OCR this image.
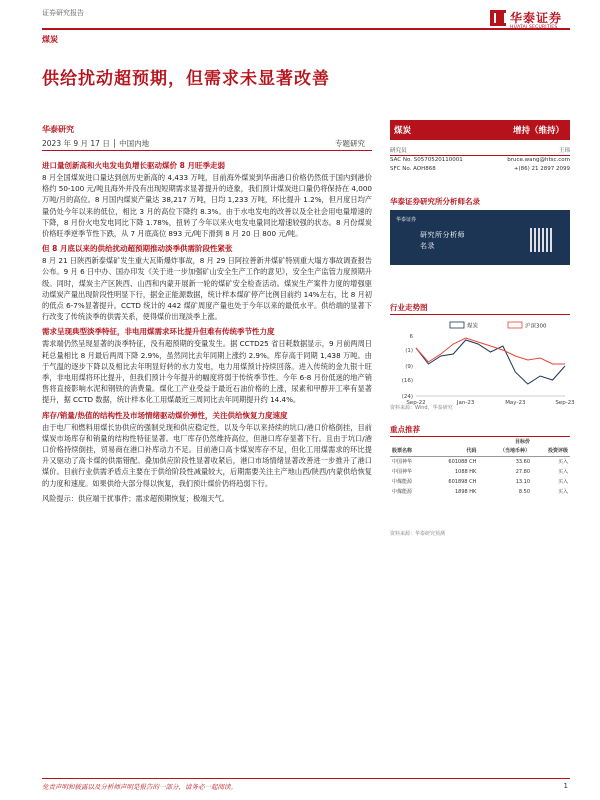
证券研究报告	华泰证券
煤炭
供给扰动超预期，但需求未显著改善
华泰研究
2023 年 9 月 17 日 │ 中国内地	专题研究
进口量创新高和火电发电负增长驱动煤价 8 月旺季走弱
8 月全国煤炭进口量达到创历史新高的 4,433 万吨，目前海外煤炭到华南港口价格仍然低于国内到港价格约 50-100 元/吨且海外并没有出现短期需求显著提升的迹象，我们预计煤炭进口量仍将保持在 4,000 万吨/月的高位。8 月国内煤炭产量达 38,217 万吨，日均 1,233 万吨，环比提升 1.2%，但月度日均产量仍处今年以来的低位，相比 3 月的高位下降约 8.3%。由于水电发电的改善以及全社会用电量增速的下降，8 月份火电发电同比下降 1.78%，扭转了今年以来火电发电量同比增速较强的状态。8 月份煤炭价格旺季逆季节性下跌，从 7 月底高位 893 元/吨下滑到 8 月 20 日 800 元/吨。
但 8 月底以来的供给扰动超预期推动淡季供需阶段性紧张
8 月 21 日陕西新泰煤矿发生重大瓦斯爆炸事故，8 月 29 日阿拉善新井煤矿特别重大塌方事故调查报告公布。9 月 6 日中办、国办印发《关于进一步加强矿山安全生产工作的意见》，安全生产监管力度预期升级。同时，煤炭主产区陕西、山西和内蒙开展新一轮的煤矿安全检查活动。煤炭生产案件力度的增强驱动煤炭产量出现阶段性明显下行，据金正能源数据，统计样本煤矿停产比例目前约 14%左右，比 8 月初的低点 6-7%显著提升。CCTD 统计的 442 煤矿周度产量也处于今年以来的最低水平。供给端的显著下行改变了传统淡季的供需关系，使得煤价出现淡季上涨。
需求呈现典型淡季特征，非电用煤需求环比提升但难有传统季节性力度
需求端仍然呈现显著的淡季特征，没有超预期的变量发生。据 CCTD25 省日耗数据显示，9 月前两周日耗总量相比 8 月最后两周下降 2.9%，虽然同比去年同期上涨约 2.9%。库存高于同期 1,438 万吨。由于气温的逐步下降以及相比去年明显好转的水力发电，电力用煤预计持续回落。进入传统的金九银十旺季，非电用煤将环比提升，但我们预计今年提升的幅度将弱于传统季节性。今年 6-8 月份低迷的地产销售将直接影响水泥和钢铁的消费量。煤化工产业受益于最近石油价格的上涨，尿素和甲醇开工率有显著提升，据 CCTD 数据，统计样本化工用煤最近三周同比去年同期提升约 14.4%。
库存/销量/热值的结构性及市场情绪驱动煤价弹性，关注供给恢复力度速度
由于电厂和燃料用煤长协供应的强制兑现和供应稳定性，以及今年以来持续的坑口/港口价格倒挂，目前煤炭市场库存和销量的结构性特征显著。电厂库存仍然维持高位，但港口库存显著下行。且由于坑口/港口价格持续倒挂，贸易商在港口补库动力不足。目前港口高卡煤炭库存不足，但化工用煤需求的环比提升又驱动了高卡煤的供需错配。叠加供应阶段性显著收紧后，港口市场情绪显著改善进一步推升了港口煤价。目前行业供需矛盾点主要在于供给阶段性减量较大，后期需要关注主产地山西/陕西/内蒙供给恢复的力度和速度。如果供给大部分得以恢复，我们预计煤价仍将趋弱下行。
风险提示：供应端干扰事件；需求超预期恢复；极端天气。
煤炭	增持（维持）
研究员	王玮
SAC No. S0570520110001	bruce.wang@htsc.com
SFC No. AOH868	+(86) 21 2897 2099
华泰证券研究所分析师名录
华泰证券
研究所分析师
名录
行业走势图
6
(1)
(9)
(16)
(24)
Sep-22	Jan-23	May-23	Sep-23
煤炭	沪深300
资料来源：Wind，华泰研究
重点推荐
		目标价	
股票名称	代码	（当地币种）	投资评级
中国神华	601088 CH	33.60	买入
中国神华	1088 HK	27.80	买入
中煤能源	601898 CH	13.10	买入
中煤能源	1898 HK	8.50	买入
资料来源：华泰研究预测
免责声明和披露以及分析师声明是报告的一部分，请务必一起阅读。	1
